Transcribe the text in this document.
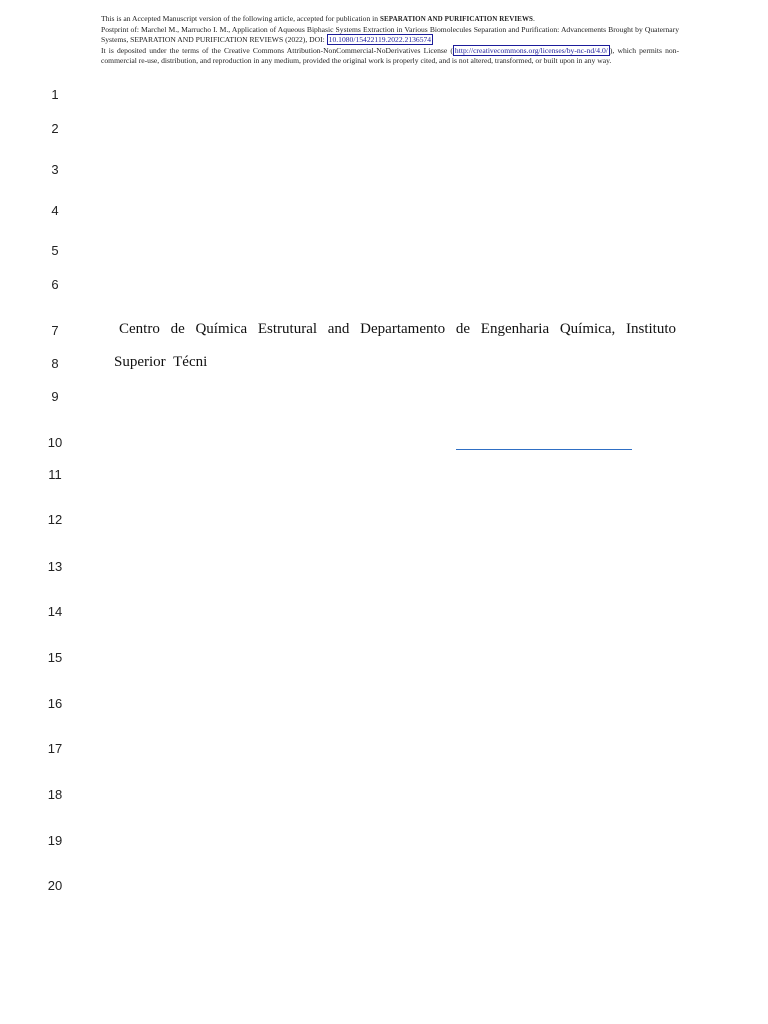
This is an Accepted Manuscript version of the following article, accepted for publication in SEPARATION AND PURIFICATION REVIEWS.

Postprint of: Marchel M., Marrucho I. M., Application of Aqueous Biphasic Systems Extraction in Various Biomolecules Separation and Purification: Advancements Brought by Quaternary Systems, SEPARATION AND PURIFICATION REVIEWS (2022), DOI: 10.1080/15422119.2022.2136574

It is deposited under the terms of the Creative Commons Attribution-NonCommercial-NoDerivatives License ( http://creativecommons.org/licenses/by-nc-nd/4.0/ ), which permits non-commercial re-use, distribution, and reproduction in any medium, provided the original work is properly cited, and is not altered, transformed, or built upon in any way.

1
2
3
4
5
6
7
8
9
10
11
12
13
14
15
16
17
18
19
20
Centro de Química Estrutural and Departamento de Engenharia Química, Instituto
Superior Técni
